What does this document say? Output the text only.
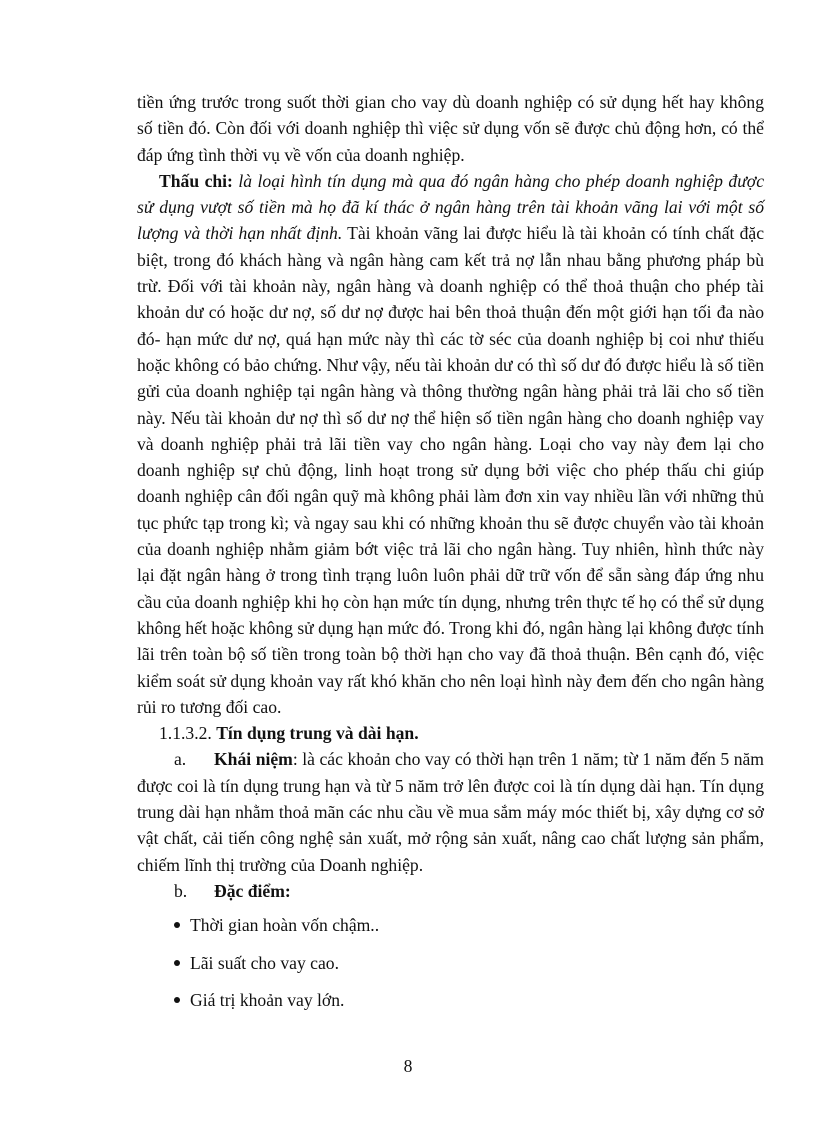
tiền ứng trước trong suốt thời gian cho vay dù doanh nghiệp có sử dụng hết hay không số tiền đó. Còn đối với doanh nghiệp thì việc sử dụng vốn sẽ được chủ động hơn, có thể đáp ứng tình thời vụ về vốn của doanh nghiệp.

Thấu chi: là loại hình tín dụng mà qua đó ngân hàng cho phép doanh nghiệp được sử dụng vượt số tiền mà họ đã kí thác ở ngân hàng trên tài khoản vãng lai với một số lượng và thời hạn nhất định. Tài khoản vãng lai được hiểu là tài khoản có tính chất đặc biệt, trong đó khách hàng và ngân hàng cam kết trả nợ lẫn nhau bằng phương pháp bù trừ. Đối với tài khoản này, ngân hàng và doanh nghiệp có thể thoả thuận cho phép tài khoản dư có hoặc dư nợ, số dư nợ được hai bên thoả thuận đến một giới hạn tối đa nào đó- hạn mức dư nợ, quá hạn mức này thì các tờ séc của doanh nghiệp bị coi như thiếu hoặc không có bảo chứng. Như vậy, nếu tài khoản dư có thì số dư đó được hiểu là số tiền gửi của doanh nghiệp tại ngân hàng và thông thường ngân hàng phải trả lãi cho số tiền này. Nếu tài khoản dư nợ thì số dư nợ thể hiện số tiền ngân hàng cho doanh nghiệp vay và doanh nghiệp phải trả lãi tiền vay cho ngân hàng. Loại cho vay này đem lại cho doanh nghiệp sự chủ động, linh hoạt trong sử dụng bởi việc cho phép thấu chi giúp doanh nghiệp cân đối ngân quỹ mà không phải làm đơn xin vay nhiều lần với những thủ tục phức tạp trong kì; và ngay sau khi có những khoản thu sẽ được chuyển vào tài khoản của doanh nghiệp nhằm giảm bớt việc trả lãi cho ngân hàng. Tuy nhiên, hình thức này lại đặt ngân hàng ở trong tình trạng luôn luôn phải dữ trữ vốn để sẵn sàng đáp ứng nhu cầu của doanh nghiệp khi họ còn hạn mức tín dụng, nhưng trên thực tế họ có thể sử dụng không hết hoặc không sử dụng hạn mức đó. Trong khi đó, ngân hàng lại không được tính lãi trên toàn bộ số tiền trong toàn bộ thời hạn cho vay đã thoả thuận. Bên cạnh đó, việc kiểm soát sử dụng khoản vay rất khó khăn cho nên loại hình này đem đến cho ngân hàng rủi ro tương đối cao.

1.1.3.2. Tín dụng trung và dài hạn.

a. Khái niệm: là các khoản cho vay có thời hạn trên 1 năm; từ 1 năm đến 5 năm được coi là tín dụng trung hạn và từ 5 năm trở lên được coi là tín dụng dài hạn. Tín dụng trung dài hạn nhằm thoả mãn các nhu cầu về mua sắm máy móc thiết bị, xây dựng cơ sở vật chất, cải tiến công nghệ sản xuất, mở rộng sản xuất, nâng cao chất lượng sản phẩm, chiếm lĩnh thị trường của Doanh nghiệp.

b. Đặc điểm:

Thời gian hoàn vốn chậm..
Lãi suất cho vay cao.
Giá trị khoản vay lớn.
8
